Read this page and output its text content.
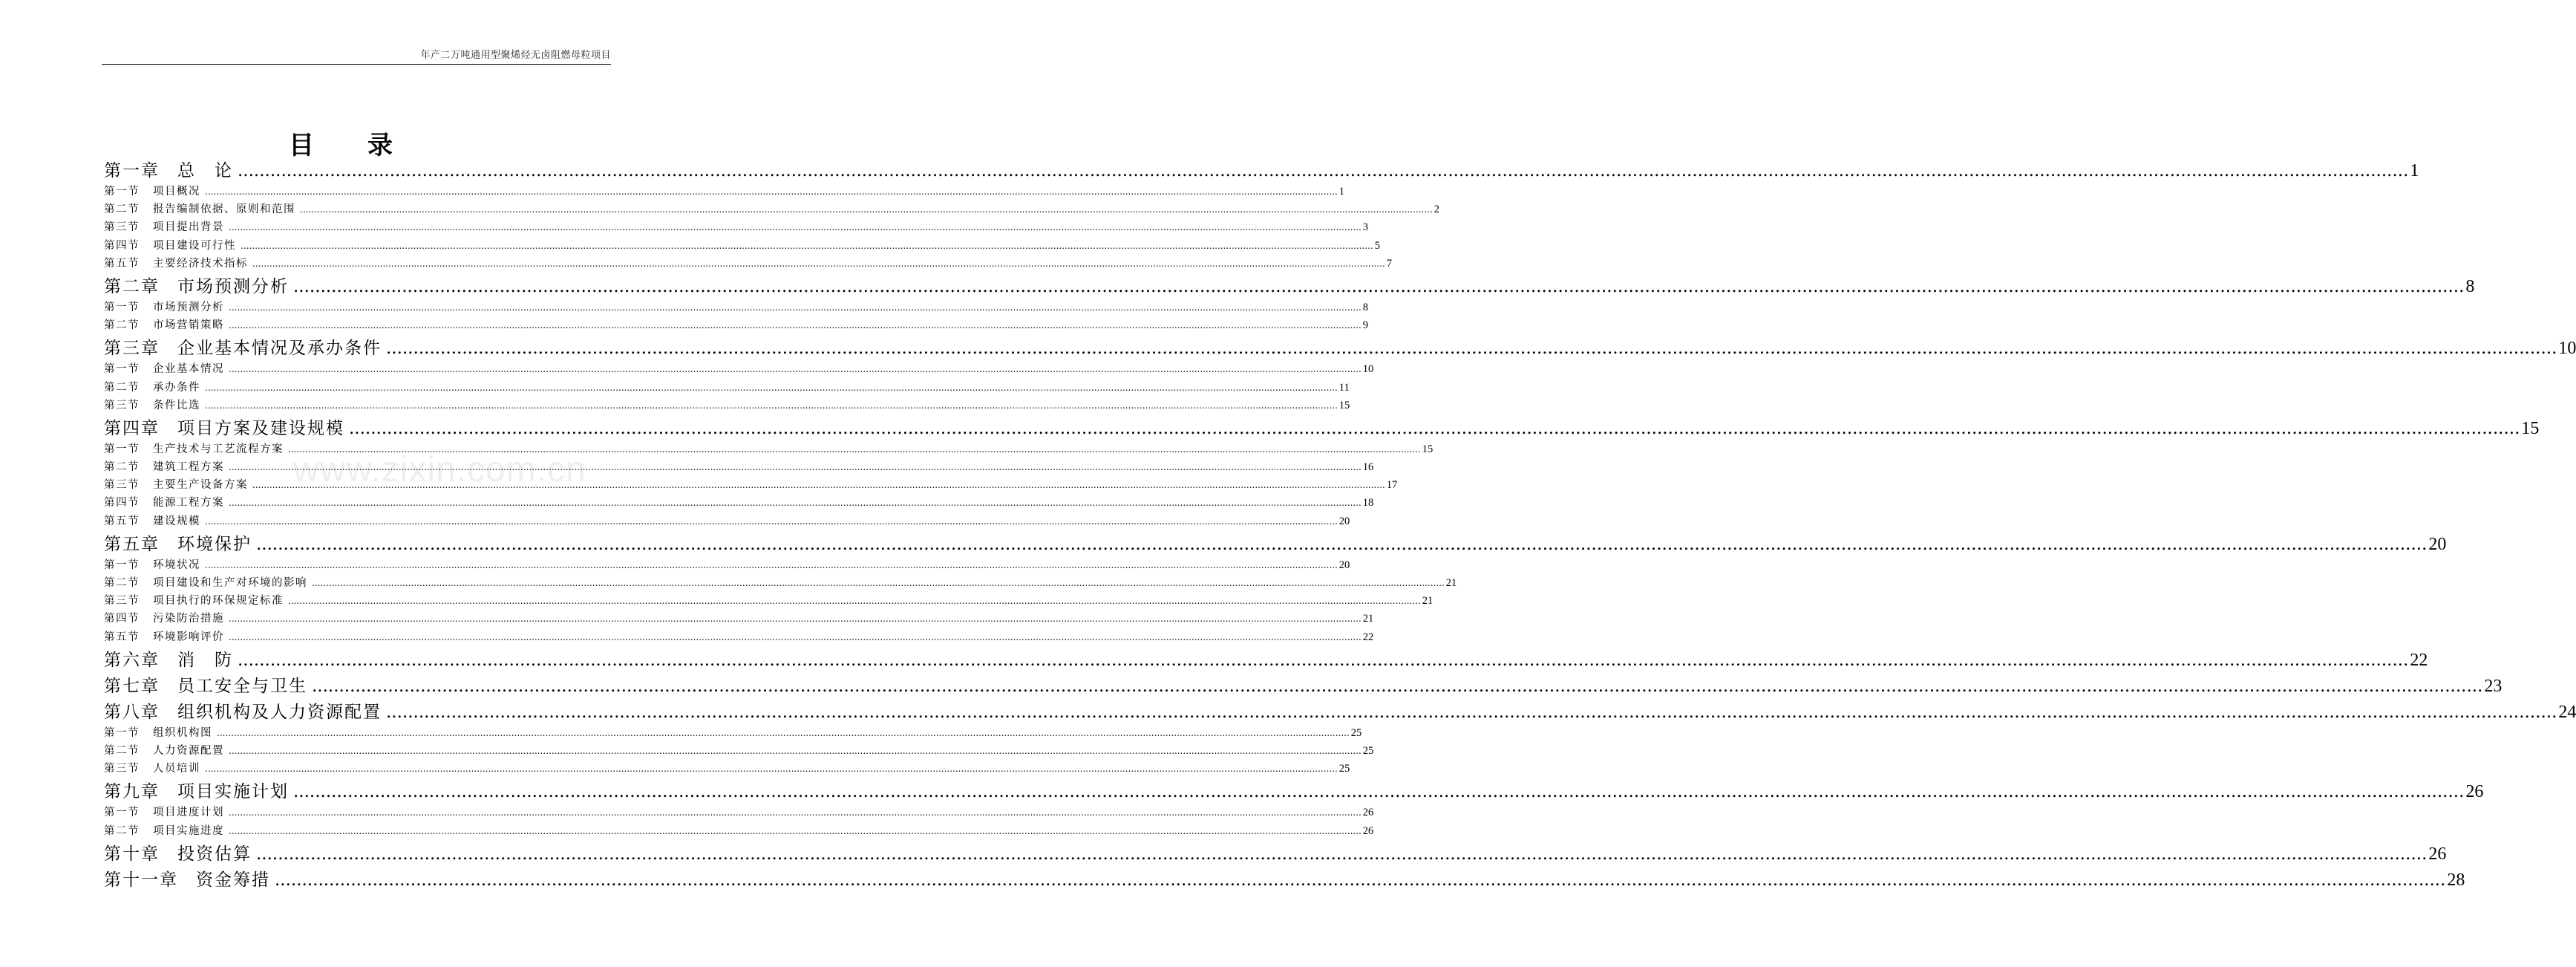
年产二万吨通用型聚烯烃无卤阻燃母粒项目
目 录
www.zixin.com.cn
第一章 总　论 ................................................................................................................................................................................................................................................................................................................................................................................................................ 1
第一节 项目概况 ................................................................................................................................................................................................................................................................................................................................................................................................................ 1
第二节 报告编制依据、原则和范围 ................................................................................................................................................................................................................................................................................................................................................................................................................ 2
第三节 项目提出背景 ................................................................................................................................................................................................................................................................................................................................................................................................................ 3
第四节 项目建设可行性 ................................................................................................................................................................................................................................................................................................................................................................................................................ 5
第五节 主要经济技术指标 ................................................................................................................................................................................................................................................................................................................................................................................................................ 7
第二章 市场预测分析 ................................................................................................................................................................................................................................................................................................................................................................................................................ 8
第一节 市场预测分析 ................................................................................................................................................................................................................................................................................................................................................................................................................ 8
第二节 市场营销策略 ................................................................................................................................................................................................................................................................................................................................................................................................................ 9
第三章 企业基本情况及承办条件 ................................................................................................................................................................................................................................................................................................................................................................................................................ 10
第一节 企业基本情况 ................................................................................................................................................................................................................................................................................................................................................................................................................ 10
第二节 承办条件 ................................................................................................................................................................................................................................................................................................................................................................................................................ 11
第三节 条件比选 ................................................................................................................................................................................................................................................................................................................................................................................................................ 15
第四章 项目方案及建设规模 ................................................................................................................................................................................................................................................................................................................................................................................................................ 15
第一节 生产技术与工艺流程方案 ................................................................................................................................................................................................................................................................................................................................................................................................................ 15
第二节 建筑工程方案 ................................................................................................................................................................................................................................................................................................................................................................................................................ 16
第三节 主要生产设备方案 ................................................................................................................................................................................................................................................................................................................................................................................................................ 17
第四节 能源工程方案 ................................................................................................................................................................................................................................................................................................................................................................................................................ 18
第五节 建设规模 ................................................................................................................................................................................................................................................................................................................................................................................................................ 20
第五章 环境保护 ................................................................................................................................................................................................................................................................................................................................................................................................................ 20
第一节 环境状况 ................................................................................................................................................................................................................................................................................................................................................................................................................ 20
第二节 项目建设和生产对环境的影响 ................................................................................................................................................................................................................................................................................................................................................................................................................ 21
第三节 项目执行的环保规定标准 ................................................................................................................................................................................................................................................................................................................................................................................................................ 21
第四节 污染防治措施 ................................................................................................................................................................................................................................................................................................................................................................................................................ 21
第五节 环境影响评价 ................................................................................................................................................................................................................................................................................................................................................................................................................ 22
第六章 消　防 ................................................................................................................................................................................................................................................................................................................................................................................................................ 22
第七章 员工安全与卫生 ................................................................................................................................................................................................................................................................................................................................................................................................................ 23
第八章 组织机构及人力资源配置 ................................................................................................................................................................................................................................................................................................................................................................................................................ 24
第一节 组织机构图 ................................................................................................................................................................................................................................................................................................................................................................................................................ 25
第二节 人力资源配置 ................................................................................................................................................................................................................................................................................................................................................................................................................ 25
第三节 人员培训 ................................................................................................................................................................................................................................................................................................................................................................................................................ 25
第九章 项目实施计划 ................................................................................................................................................................................................................................................................................................................................................................................................................ 26
第一节 项目进度计划 ................................................................................................................................................................................................................................................................................................................................................................................................................ 26
第二节 项目实施进度 ................................................................................................................................................................................................................................................................................................................................................................................................................ 26
第十章 投资估算 ................................................................................................................................................................................................................................................................................................................................................................................................................ 26
第十一章 资金筹措 ................................................................................................................................................................................................................................................................................................................................................................................................................ 28
